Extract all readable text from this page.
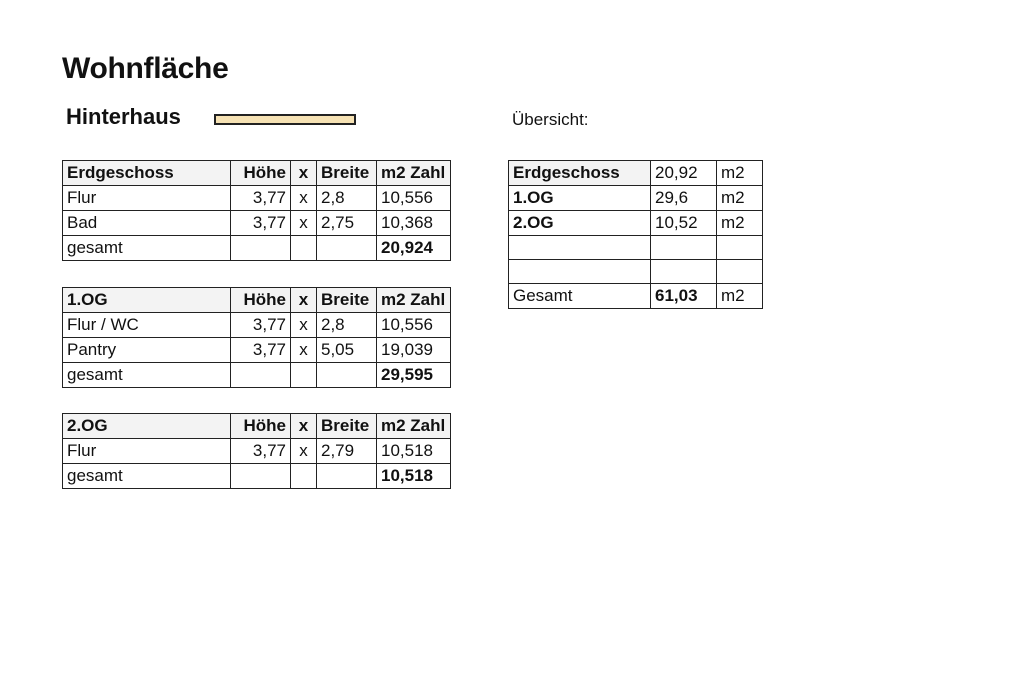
Wohnfläche
Hinterhaus	Übersicht:
Erdgeschoss	Höhe	x	Breite	m2 Zahl
Flur	3,77	x	2,8	10,556
Bad	3,77	x	2,75	10,368
gesamt				20,924
1.OG	Höhe	x	Breite	m2 Zahl
Flur / WC	3,77	x	2,8	10,556
Pantry	3,77	x	5,05	19,039
gesamt				29,595
2.OG	Höhe	x	Breite	m2 Zahl
Flur	3,77	x	2,79	10,518
gesamt				10,518
Erdgeschoss	20,92	m2
1.OG	29,6	m2
2.OG	10,52	m2

Gesamt	61,03	m2
